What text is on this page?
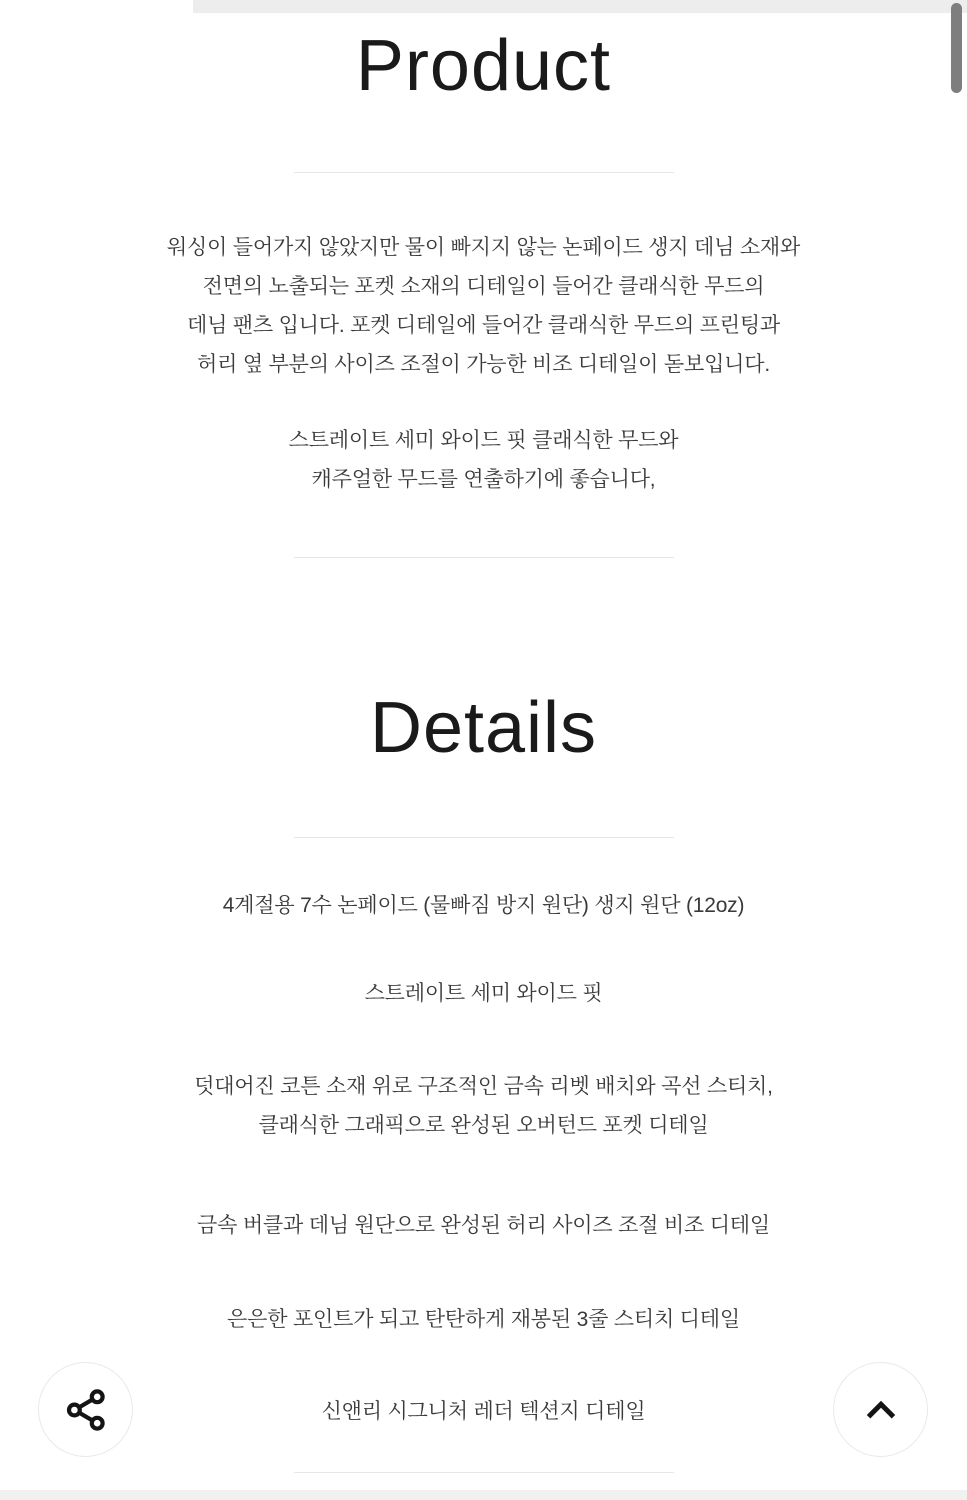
Product
워싱이 들어가지 않았지만 물이 빠지지 않는 논페이드 생지 데님 소재와
전면의 노출되는 포켓 소재의 디테일이 들어간 클래식한 무드의
데님 팬츠 입니다. 포켓 디테일에 들어간 클래식한 무드의 프린팅과
허리 옆 부분의 사이즈 조절이 가능한 비조 디테일이 돋보입니다.
스트레이트 세미 와이드 핏 클래식한 무드와
캐주얼한 무드를 연출하기에 좋습니다,
Details
4계절용 7수 논페이드 (물빠짐 방지 원단) 생지 원단 (12oz)
스트레이트 세미 와이드 핏
덧대어진 코튼 소재 위로 구조적인 금속 리벳 배치와 곡선 스티치,
클래식한 그래픽으로 완성된 오버턴드 포켓 디테일
금속 버클과 데님 원단으로 완성된 허리 사이즈 조절 비조 디테일
은은한 포인트가 되고 탄탄하게 재봉된 3줄 스티치 디테일
신앤리 시그니처 레더 텍션지 디테일
